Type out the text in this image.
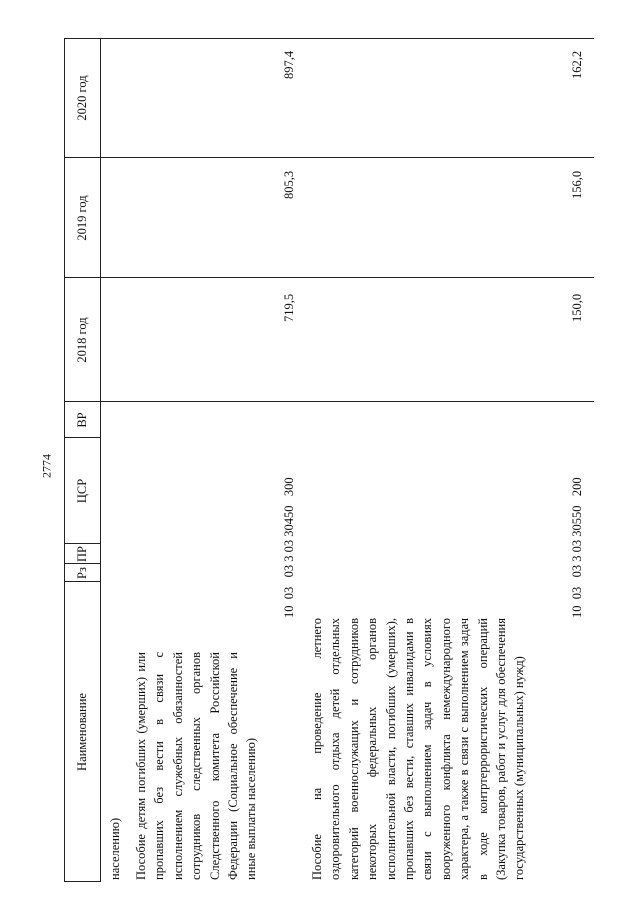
2774
Наименование
Рз
ПР
ЦСР
ВР
2018 год
2019 год
2020 год
населению) Пособие детям погибших (умерших) или пропавших без вести в связи с исполнением служебных обязанностей сотрудников следственных органов Следственного комитета Российской Федерации (Социальное обеспечение и иные выплаты населению)
10  03   03 3 03 30450   300
719,5
805,3
897,4
Пособие на проведение летнего оздоровительного отдыха детей отдельных категорий военнослужащих и сотрудников некоторых федеральных органов исполнительной власти, погибших (умерших), пропавших без вести, ставших инвалидами в связи с выполнением задач в условиях вооруженного конфликта немеждународного характера, а также в связи с выполнением задач в ходе контртеррористических операций (Закупка товаров, работ и услуг для обеспечения государственных (муниципальных) нужд)
10  03   03 3 03 30550   200
150,0
156,0
162,2
